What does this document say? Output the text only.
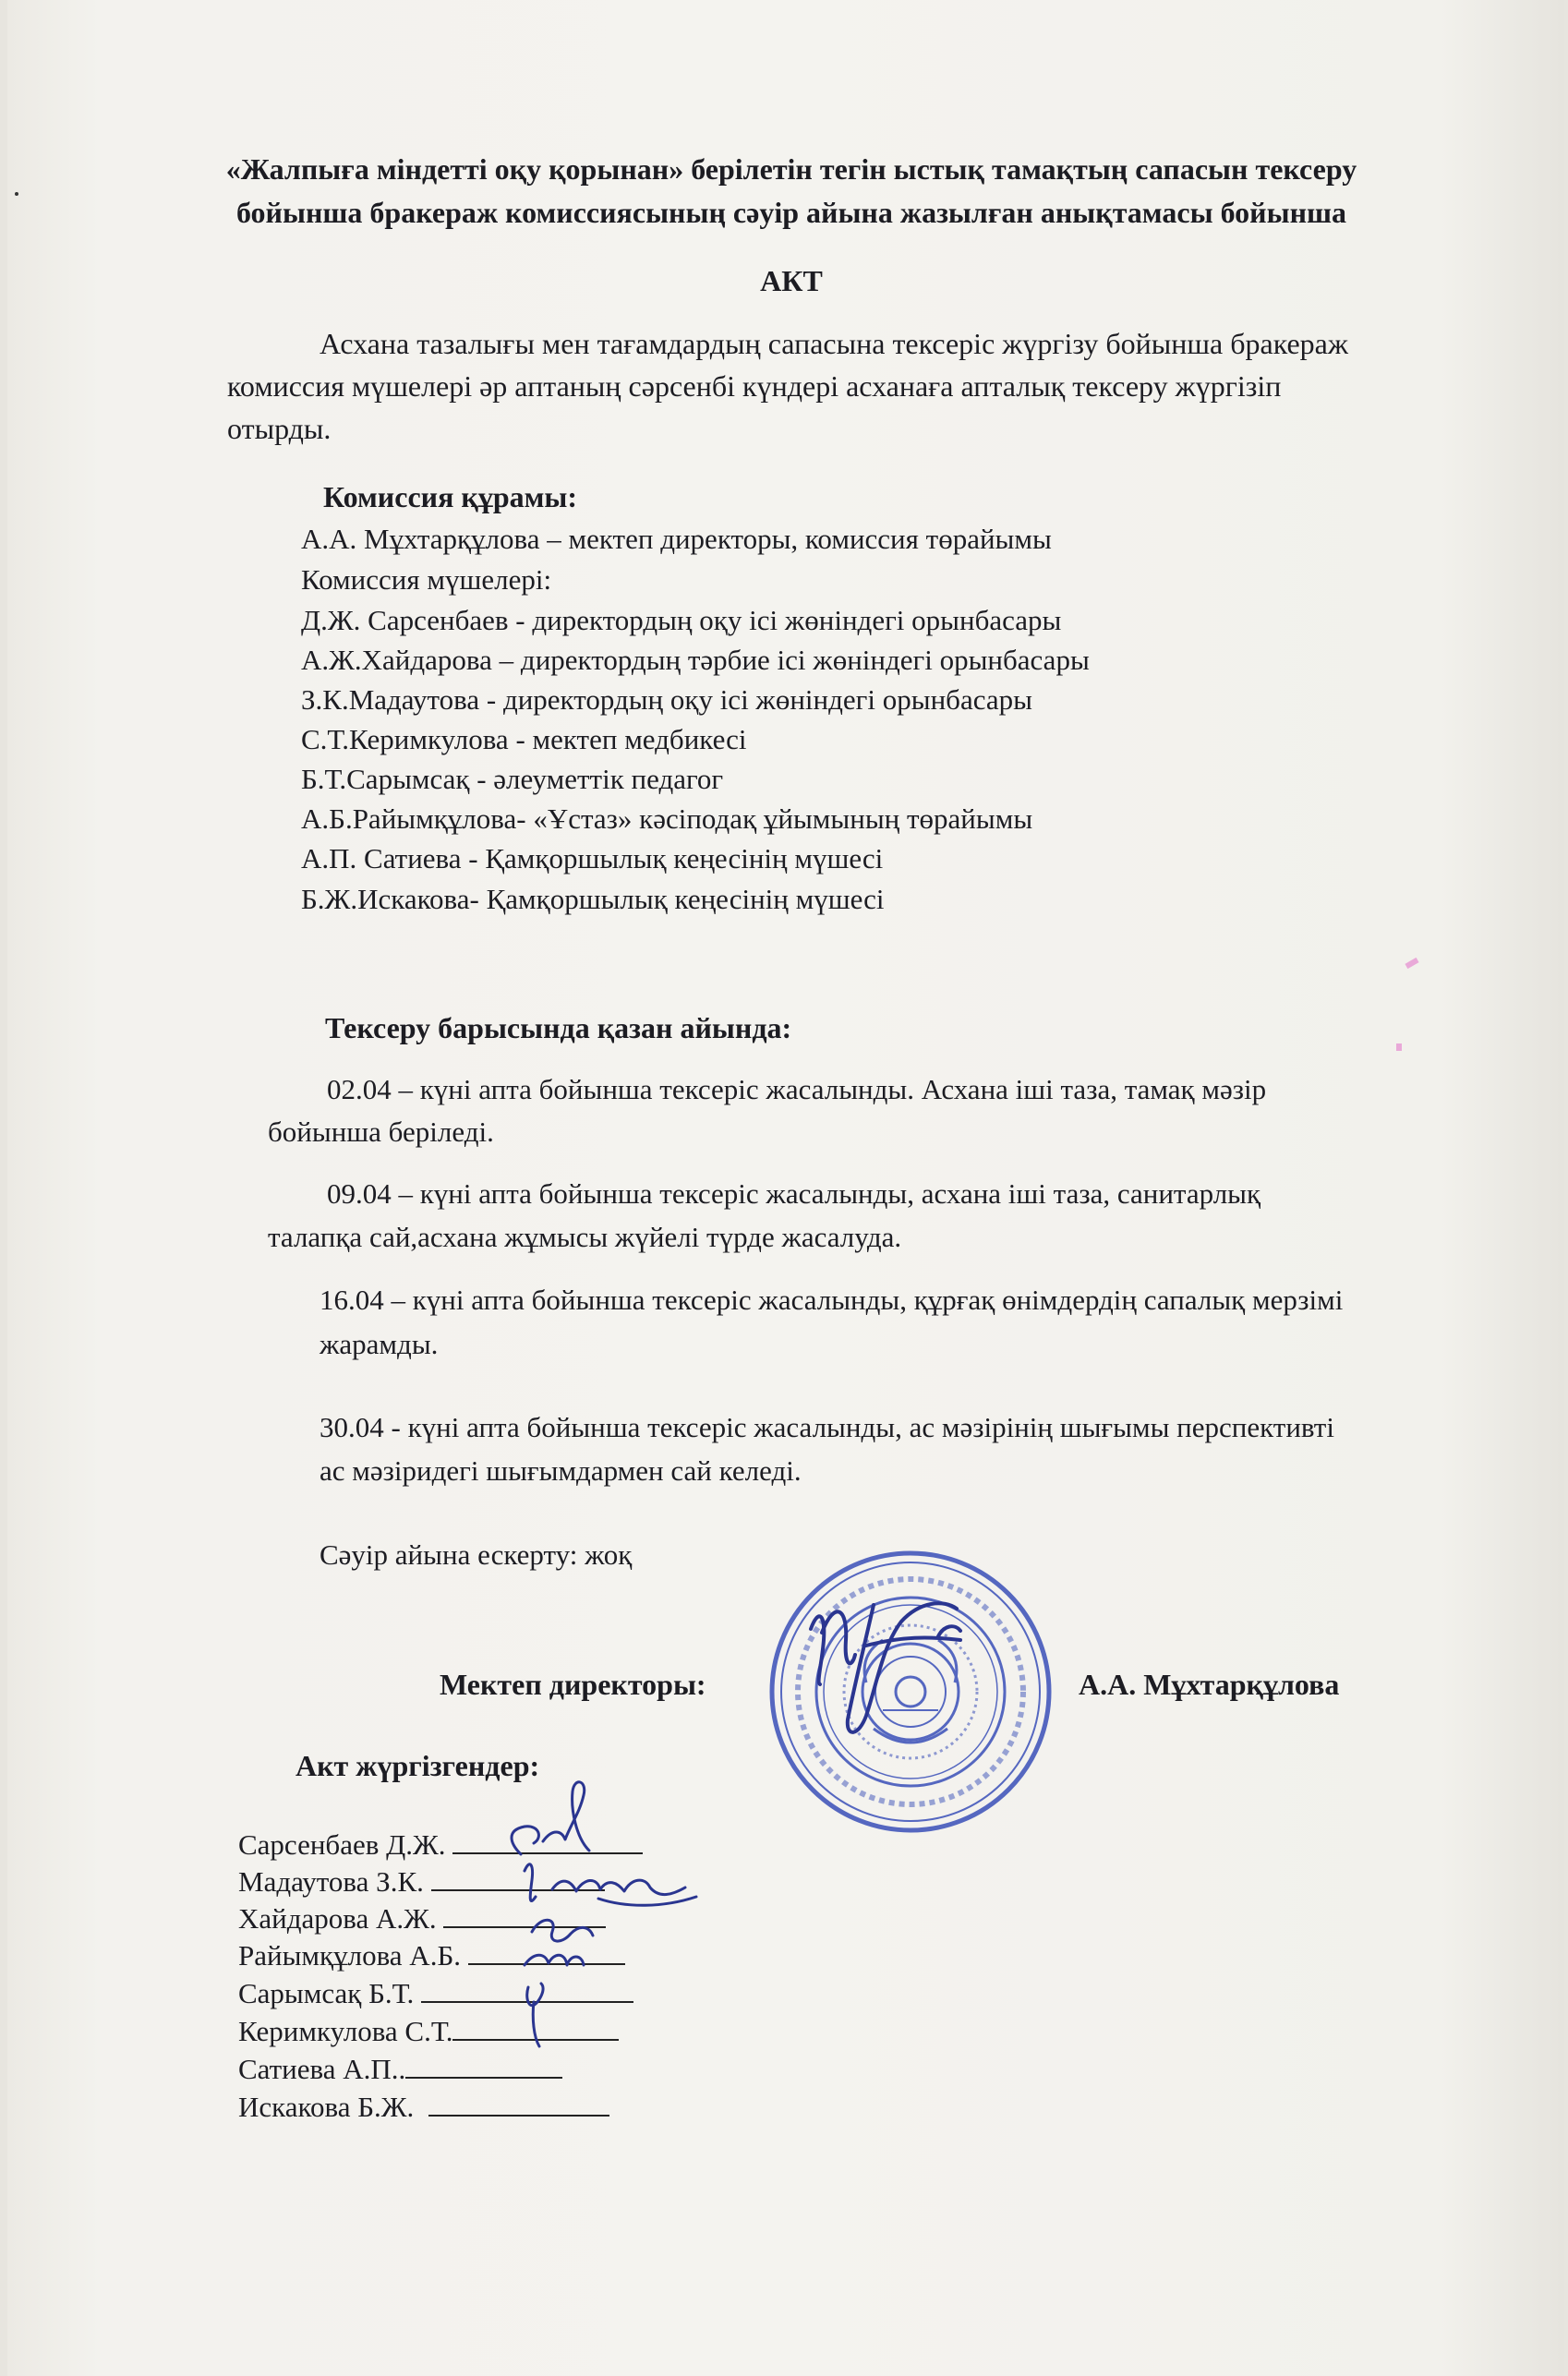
«Жалпыға міндетті оқу қорынан» берілетін тегін ыстық тамақтың сапасын тексеру
бойынша бракераж комиссиясының сәуір айына жазылған анықтамасы бойынша
АКТ
Асхана тазалығы мен тағамдардың сапасына тексеріс жүргізу бойынша бракераж
комиссия мүшелері әр аптаның сәрсенбі күндері асханаға апталық тексеру жүргізіп
отырды.
Комиссия құрамы:
А.А. Мұхтарқұлова – мектеп директоры, комиссия төрайымы
Комиссия мүшелері:
Д.Ж. Сарсенбаев - директордың оқу ісі жөніндегі орынбасары
А.Ж.Хайдарова – директордың тәрбие ісі жөніндегі орынбасары
З.К.Мадаутова - директордың оқу ісі жөніндегі орынбасары
С.Т.Керимкулова - мектеп медбикесі
Б.Т.Сарымсақ - әлеуметтік педагог
А.Б.Райымқұлова- «Ұстаз» кәсіподақ ұйымының төрайымы
А.П. Сатиева - Қамқоршылық кеңесінің мүшесі
Б.Ж.Искакова- Қамқоршылық кеңесінің мүшесі
Тексеру барысында қазан айында:
02.04 – күні апта бойынша тексеріс жасалынды. Асхана іші таза, тамақ мәзір
бойынша беріледі.
09.04 – күні апта бойынша тексеріс жасалынды, асхана іші таза, санитарлық
талапқа сай,асхана жұмысы жүйелі түрде жасалуда.
16.04 – күні апта бойынша тексеріс жасалынды, құрғақ өнімдердің сапалық мерзімі
жарамды.
30.04 - күні апта бойынша тексеріс жасалынды, ас мәзірінің шығымы перспективті
ас мәзіридегі шығымдармен сай келеді.
Сәуір айына ескерту: жоқ
Мектеп директоры:	А.А. Мұхтарқұлова
Акт жүргізгендер:
Сарсенбаев Д.Ж.
Мадаутова З.К.
Хайдарова А.Ж.
Райымқұлова А.Б.
Сарымсақ Б.Т.
Керимкулова С.Т.
Сатиева А.П..
Искакова Б.Ж.
